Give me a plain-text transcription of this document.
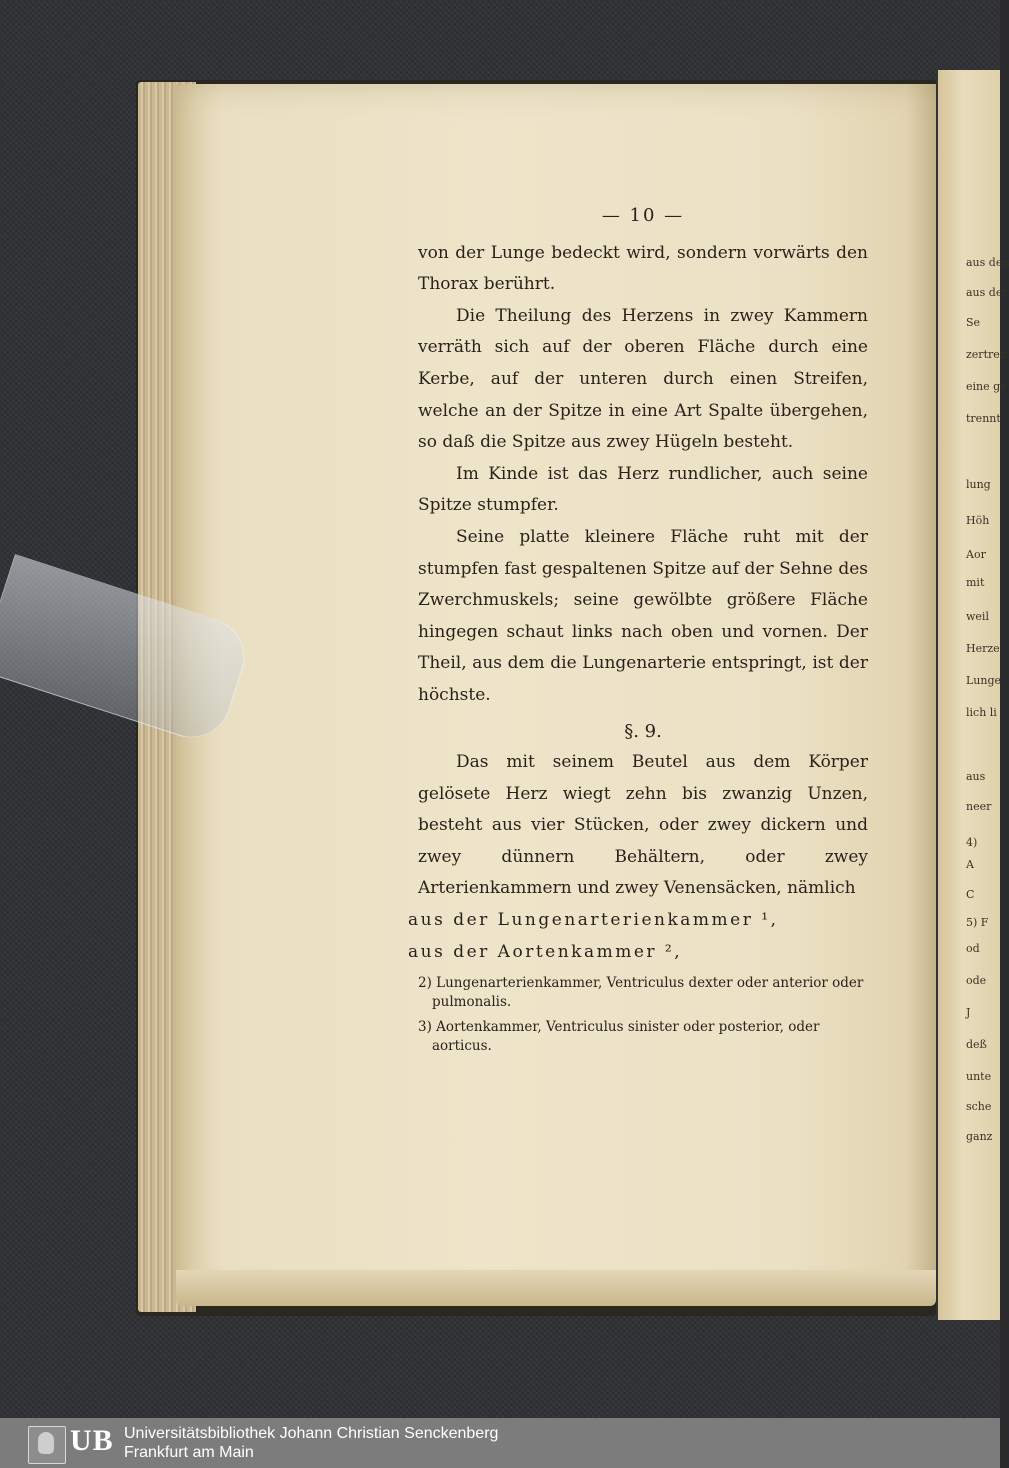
aus den
aus der
Se
zertren
eine ge
trennt
lung
Höh
Aor
mit
weil
Herze
Lunge
lich li
aus
neer
4)
A
C
5) F
od
ode
J
deß
unte
sche
ganz
— 10 —

von der Lunge bedeckt wird, sondern vorwärts den Thorax berührt.

Die Theilung des Herzens in zwey Kammern verräth sich auf der oberen Fläche durch eine Kerbe, auf der unteren durch einen Streifen, welche an der Spitze in eine Art Spalte übergehen, so daß die Spitze aus zwey Hügeln besteht.

Im Kinde ist das Herz rundlicher, auch seine Spitze stumpfer.

Seine platte kleinere Fläche ruht mit der stumpfen fast gespaltenen Spitze auf der Sehne des Zwerchmuskels; seine gewölbte größere Fläche hingegen schaut links nach oben und vornen. Der Theil, aus dem die Lungenarterie entspringt, ist der höchste.

§. 9.

Das mit seinem Beutel aus dem Körper gelösete Herz wiegt zehn bis zwanzig Unzen, besteht aus vier Stücken, oder zwey dickern und zwey dünnern Behältern, oder zwey Arterienkammern und zwey Venensäcken, nämlich

aus der Lungenarterienkammer ¹,
aus der Aortenkammer ²,
2) Lungenarterienkammer, Ventriculus dexter oder anterior oder pulmonalis.
3) Aortenkammer, Ventriculus sinister oder posterior, oder aorticus.
UB Universitätsbibliothek Johann Christian Senckenberg
Frankfurt am Main
